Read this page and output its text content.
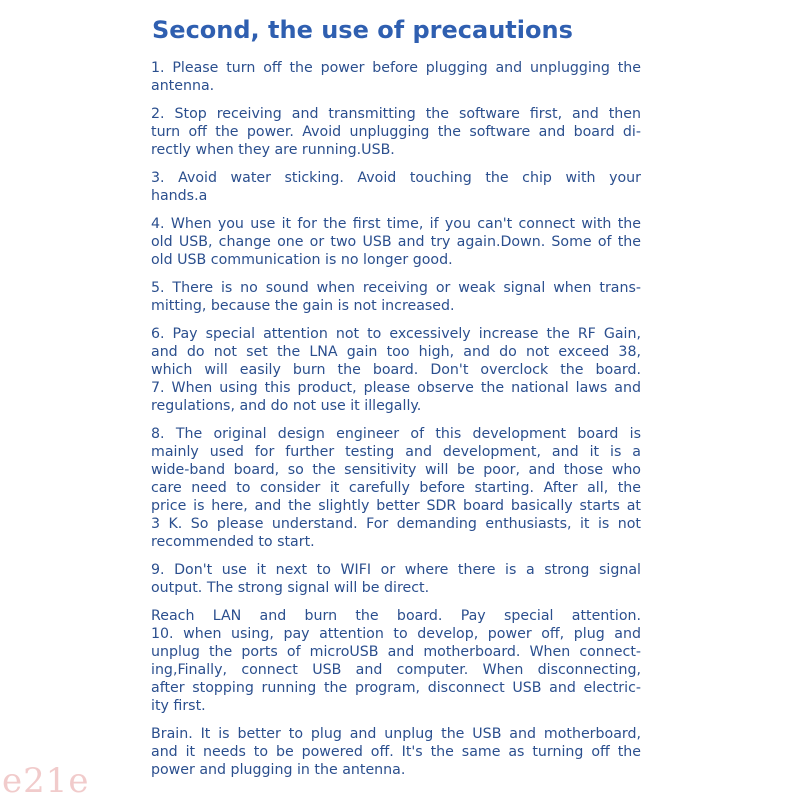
Second, the use of precautions
1. Please turn off the power before plugging and unplugging the
antenna.
2. Stop receiving and transmitting the software first, and then
turn off the power. Avoid unplugging the software and board di-
rectly when they are running.USB.
3. Avoid water sticking. Avoid touching the chip with your
hands.a
4. When you use it for the first time, if you can't connect with the
old USB, change one or two USB and try again.Down. Some of the
old USB communication is no longer good.
5. There is no sound when receiving or weak signal when trans-
mitting, because the gain is not increased.
6. Pay special attention not to excessively increase the RF Gain,
and do not set the LNA gain too high, and do not exceed 38,
which will easily burn the board. Don't overclock the board.
7. When using this product, please observe the national laws and
regulations, and do not use it illegally.
8. The original design engineer of this development board is
mainly used for further testing and development, and it is a
wide-band board, so the sensitivity will be poor, and those who
care need to consider it carefully before starting. After all, the
price is here, and the slightly better SDR board basically starts at
3 K. So please understand. For demanding enthusiasts, it is not
recommended to start.
9. Don't use it next to WIFI or where there is a strong signal
output. The strong signal will be direct.
Reach LAN and burn the board. Pay special attention.
10. when using, pay attention to develop, power off, plug and
unplug the ports of microUSB and motherboard. When connect-
ing,Finally, connect USB and computer. When disconnecting,
after stopping running the program, disconnect USB and electric-
ity first.
Brain. It is better to plug and unplug the USB and motherboard,
and it needs to be powered off. It's the same as turning off the
power and plugging in the antenna.
e21e
